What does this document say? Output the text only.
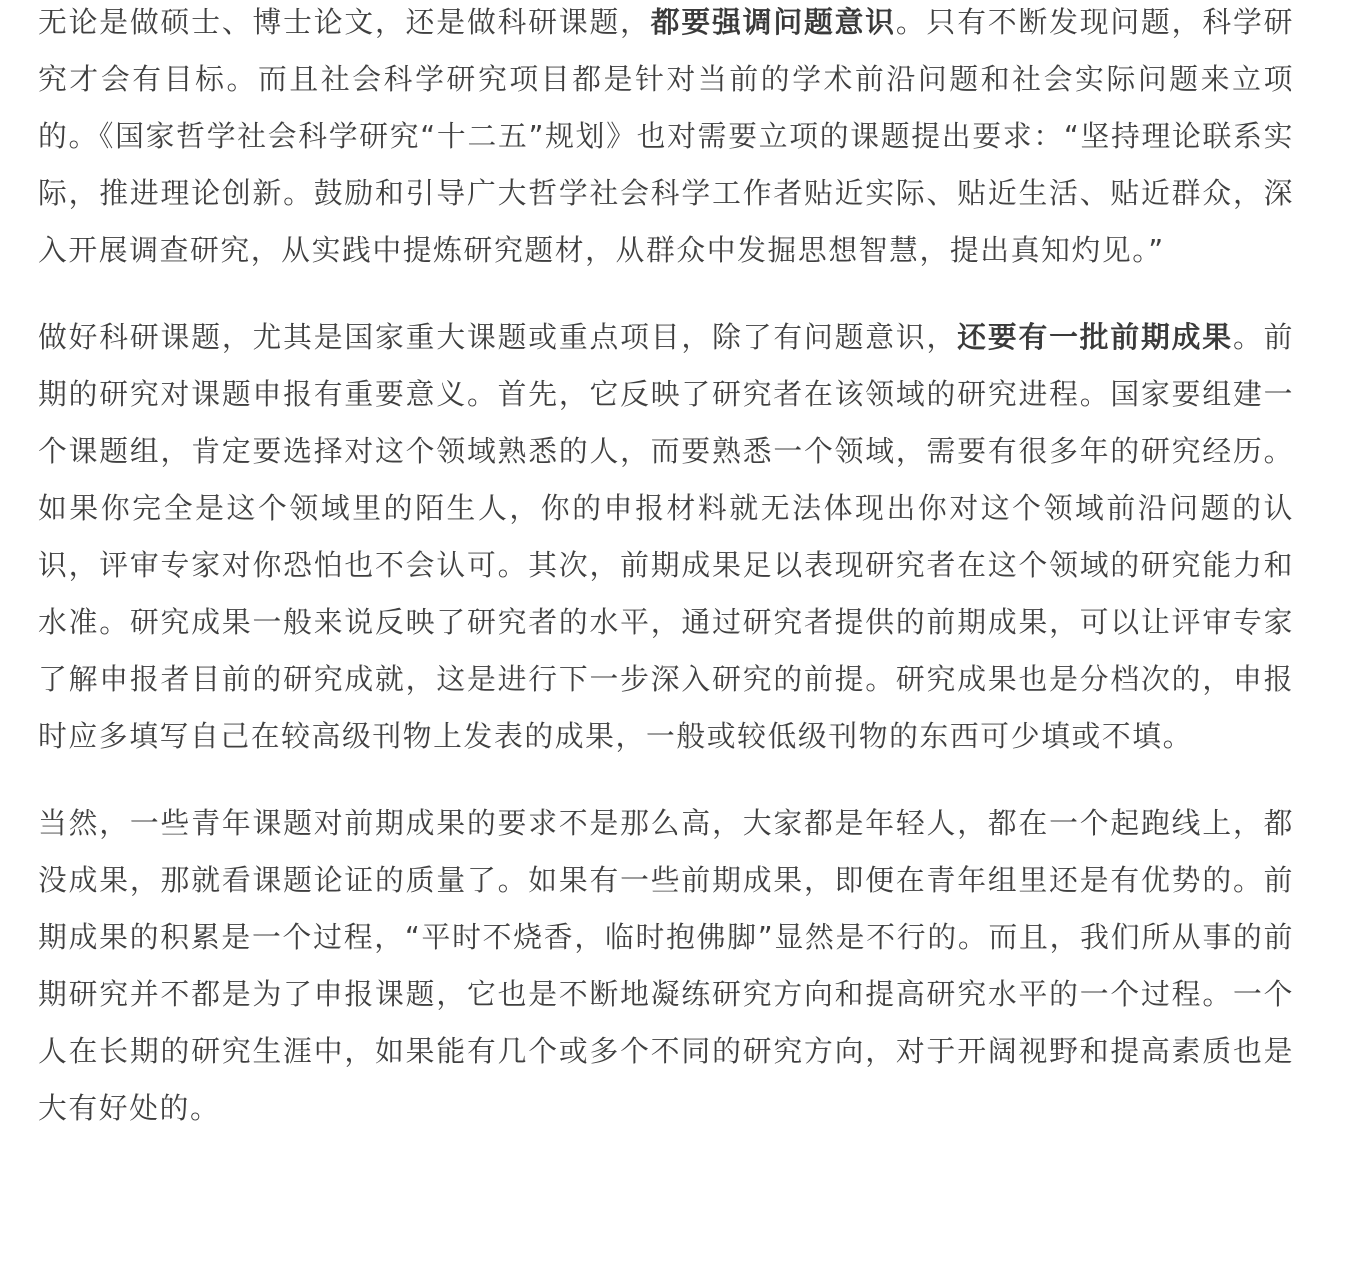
无论是做硕士、博士论文，还是做科研课题，都要强调问题意识。只有不断发现问题，科学研究才会有目标。而且社会科学研究项目都是针对当前的学术前沿问题和社会实际问题来立项的。《国家哲学社会科学研究“十二五”规划》也对需要立项的课题提出要求：“坚持理论联系实际，推进理论创新。鼓励和引导广大哲学社会科学工作者贴近实际、贴近生活、贴近群众，深入开展调查研究，从实践中提炼研究题材，从群众中发掘思想智慧，提出真知灼见。”

做好科研课题，尤其是国家重大课题或重点项目，除了有问题意识，还要有一批前期成果。前期的研究对课题申报有重要意义。首先，它反映了研究者在该领域的研究进程。国家要组建一个课题组，肯定要选择对这个领域熟悉的人，而要熟悉一个领域，需要有很多年的研究经历。如果你完全是这个领域里的陌生人，你的申报材料就无法体现出你对这个领域前沿问题的认识，评审专家对你恐怕也不会认可。其次，前期成果足以表现研究者在这个领域的研究能力和水准。研究成果一般来说反映了研究者的水平，通过研究者提供的前期成果，可以让评审专家了解申报者目前的研究成就，这是进行下一步深入研究的前提。研究成果也是分档次的，申报时应多填写自己在较高级刊物上发表的成果，一般或较低级刊物的东西可少填或不填。

当然，一些青年课题对前期成果的要求不是那么高，大家都是年轻人，都在一个起跑线上，都没成果，那就看课题论证的质量了。如果有一些前期成果，即便在青年组里还是有优势的。前期成果的积累是一个过程，“平时不烧香，临时抱佛脚”显然是不行的。而且，我们所从事的前期研究并不都是为了申报课题，它也是不断地凝练研究方向和提高研究水平的一个过程。一个人在长期的研究生涯中，如果能有几个或多个不同的研究方向，对于开阔视野和提高素质也是大有好处的。
